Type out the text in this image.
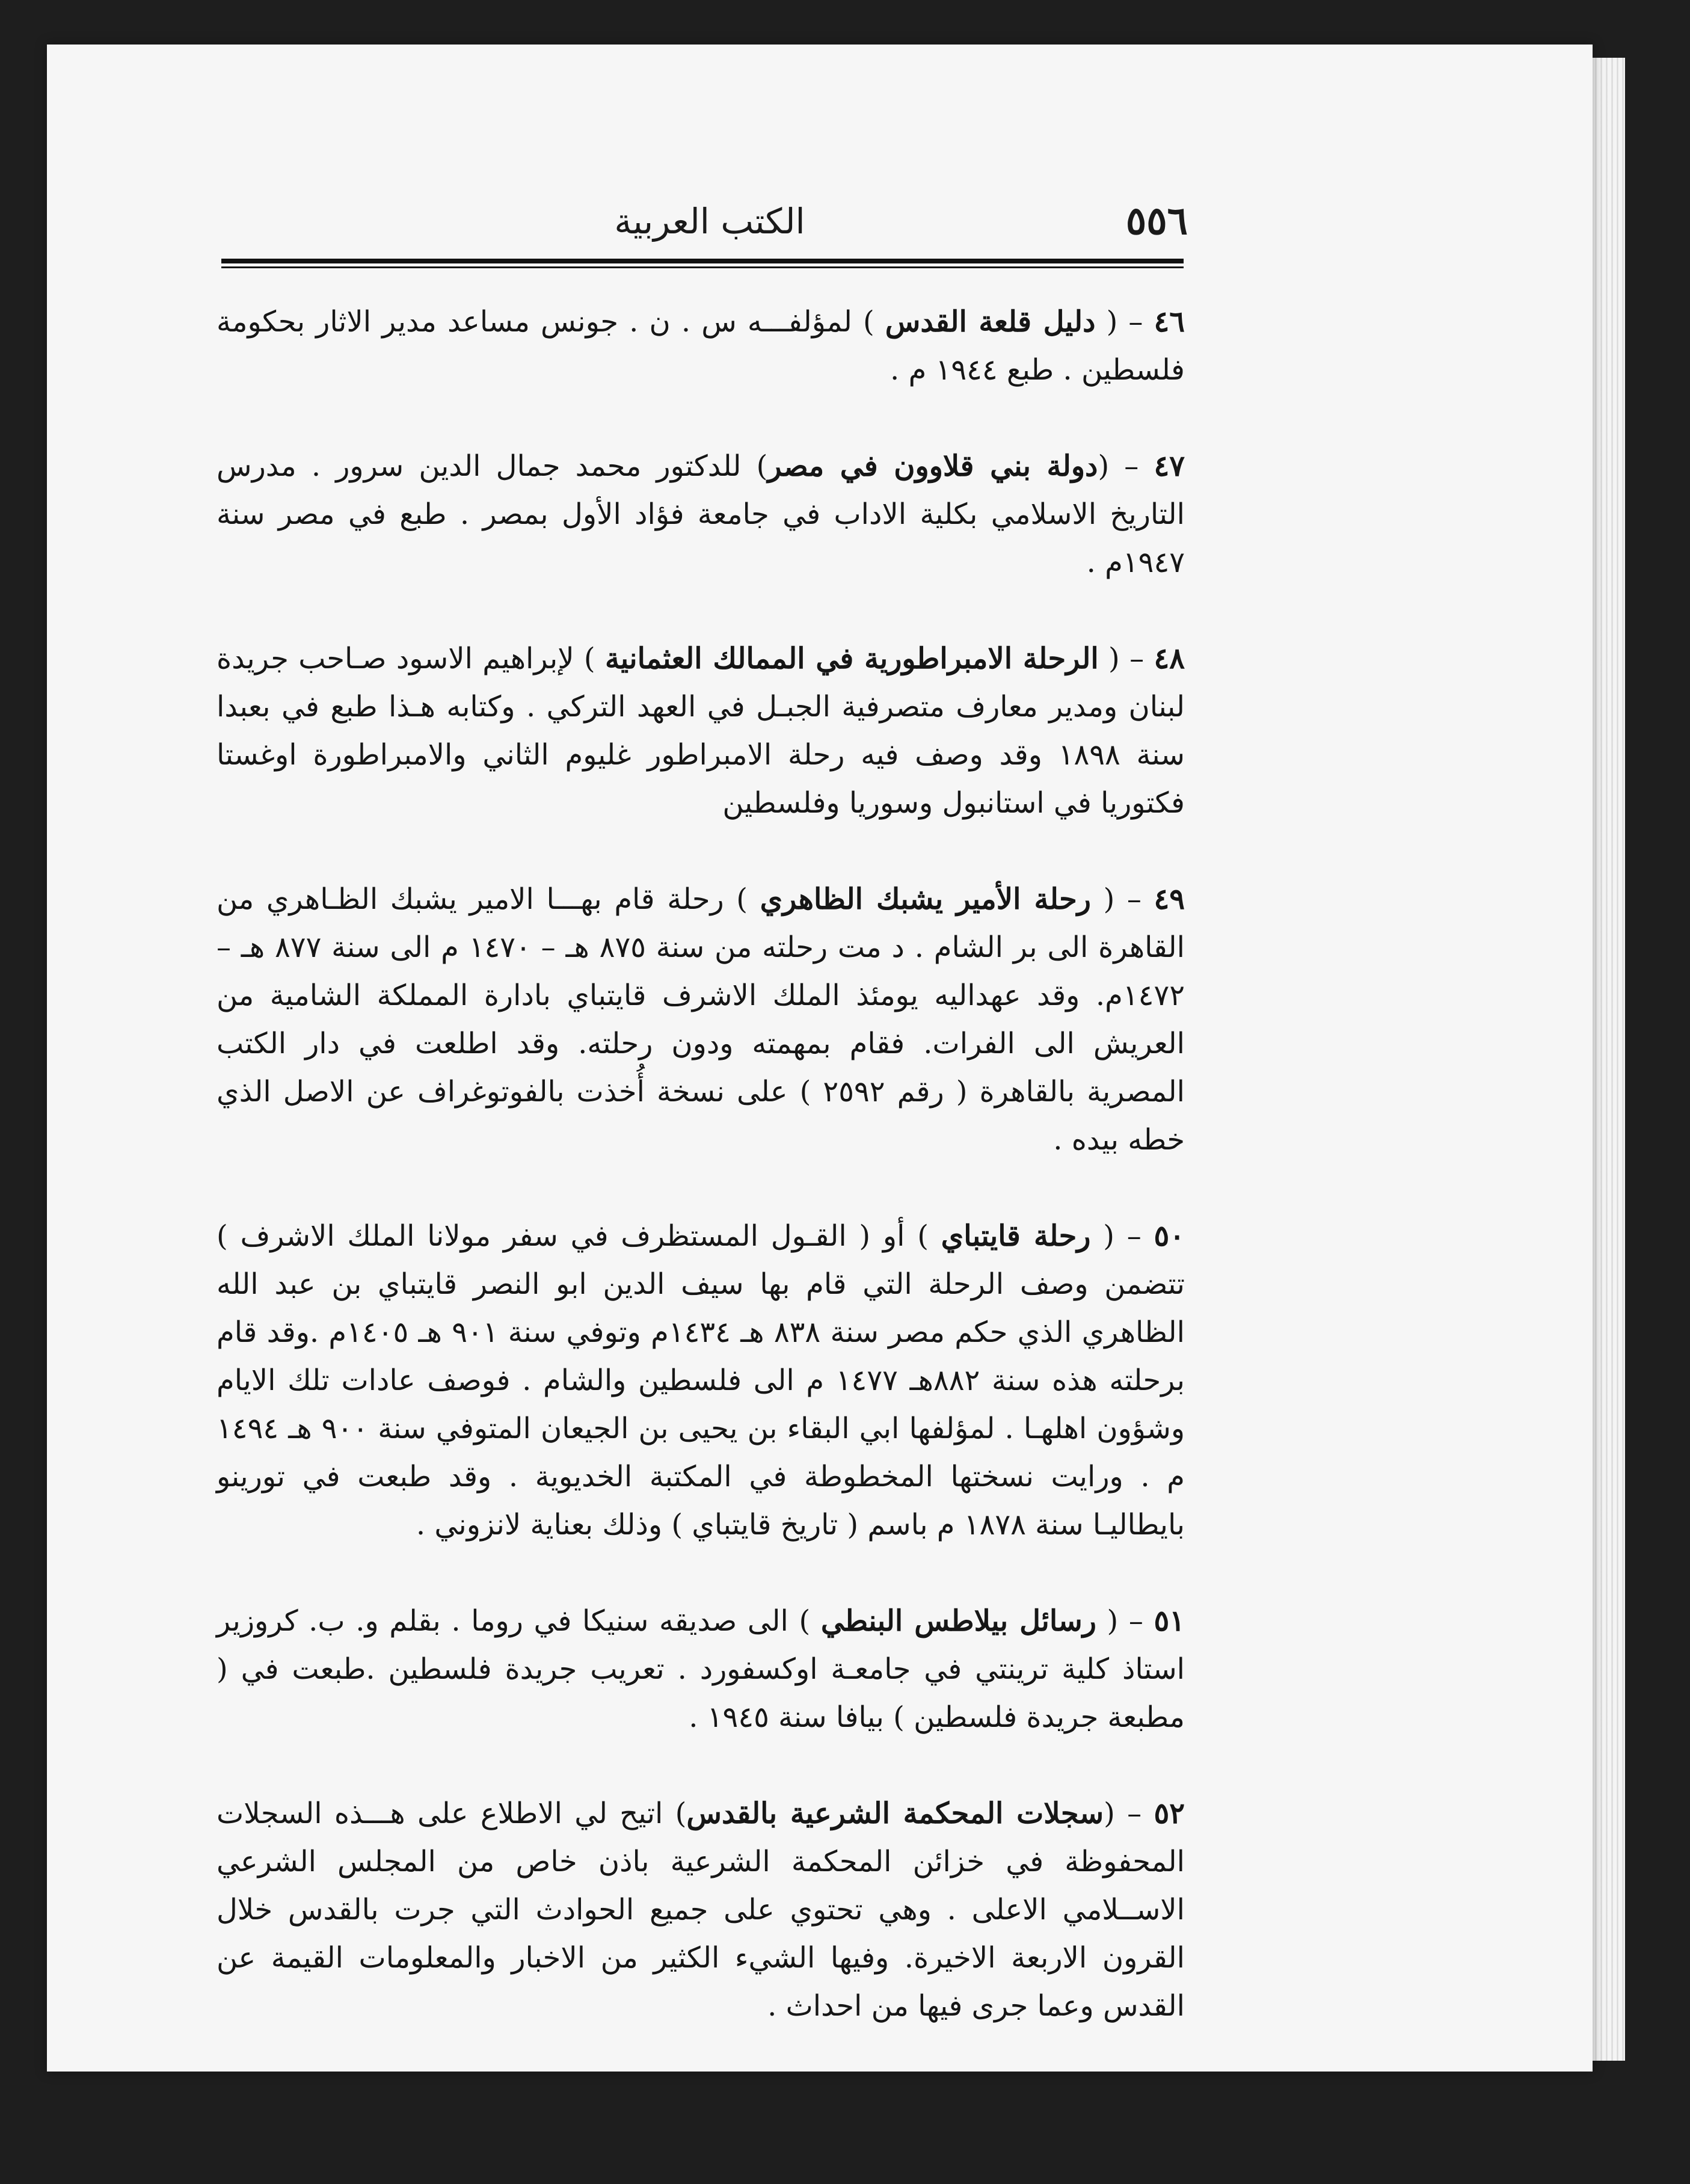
٥٥٦
الكتب العربية

٤٦ – ( دليل قلعة القدس ) لمؤلفـــه س . ن . جونس مساعد مدير الاثار بحكومة فلسطين . طبع ١٩٤٤ م .

٤٧ – (دولة بني قلاوون في مصر) للدكتور محمد جمال الدين سرور . مدرس التاريخ الاسلامي بكلية الاداب في جامعة فؤاد الأول بمصر . طبع في مصر سنة ١٩٤٧م .

٤٨ – ( الرحلة الامبراطورية في الممالك العثمانية ) لإبراهيم الاسود صـاحب جريدة لبنان ومدير معارف متصرفية الجبـل في العهد التركي . وكتابه هـذا طبع في بعبدا سنة ١٨٩٨ وقد وصف فيه رحلة الامبراطور غليوم الثاني والامبراطورة اوغستا فكتوريا في استانبول وسوريا وفلسطين

٤٩ – ( رحلة الأمير يشبك الظاهري ) رحلة قام بهـــا الامير يشبك الظـاهري من القاهرة الى بر الشام . د مت رحلته من سنة ٨٧٥ هـ – ١٤٧٠ م الى سنة ٨٧٧ هـ – ١٤٧٢م. وقد عهداليه يومئذ الملك الاشرف قايتباي بادارة المملكة الشامية من العريش الى الفرات. فقام بمهمته ودون رحلته. وقد اطلعت في دار الكتب المصرية بالقاهرة ( رقم ٢٥٩٢ ) على نسخة أُخذت بالفوتوغراف عن الاصل الذي خطه بيده .

٥٠ – ( رحلة قايتباي ) أو ( القـول المستظرف في سفر مولانا الملك الاشرف ) تتضمن وصف الرحلة التي قام بها سيف الدين ابو النصر قايتباي بن عبد الله الظاهري الذي حكم مصر سنة ٨٣٨ هـ ١٤٣٤م وتوفي سنة ٩٠١ هـ ١٤٠٥م .وقد قام برحلته هذه سنة ٨٨٢هـ ١٤٧٧ م الى فلسطين والشام . فوصف عادات تلك الايام وشؤون اهلهـا . لمؤلفها ابي البقاء بن يحيى بن الجيعان المتوفي سنة ٩٠٠ هـ ١٤٩٤ م . ورايت نسختها المخطوطة في المكتبة الخديوية . وقد طبعت في تورينو بايطاليـا سنة ١٨٧٨ م باسم ( تاريخ قايتباي ) وذلك بعناية لانزوني .

٥١ – ( رسائل بيلاطس البنطي ) الى صديقه سنيكا في روما . بقلم و. ب. كروزير استاذ كلية ترينتي في جامعـة اوكسفورد . تعريب جريدة فلسطين .طبعت في ( مطبعة جريدة فلسطين ) بيافا سنة ١٩٤٥ .

٥٢ – (سجلات المحكمة الشرعية بالقدس) اتيح لي الاطلاع على هـــذه السجلات المحفوظة في خزائن المحكمة الشرعية باذن خاص من المجلس الشرعي الاســلامي الاعلى . وهي تحتوي على جميع الحوادث التي جرت بالقدس خلال القرون الاربعة الاخيرة. وفيها الشيء الكثير من الاخبار والمعلومات القيمة عن القدس وعما جرى فيها من احداث .
